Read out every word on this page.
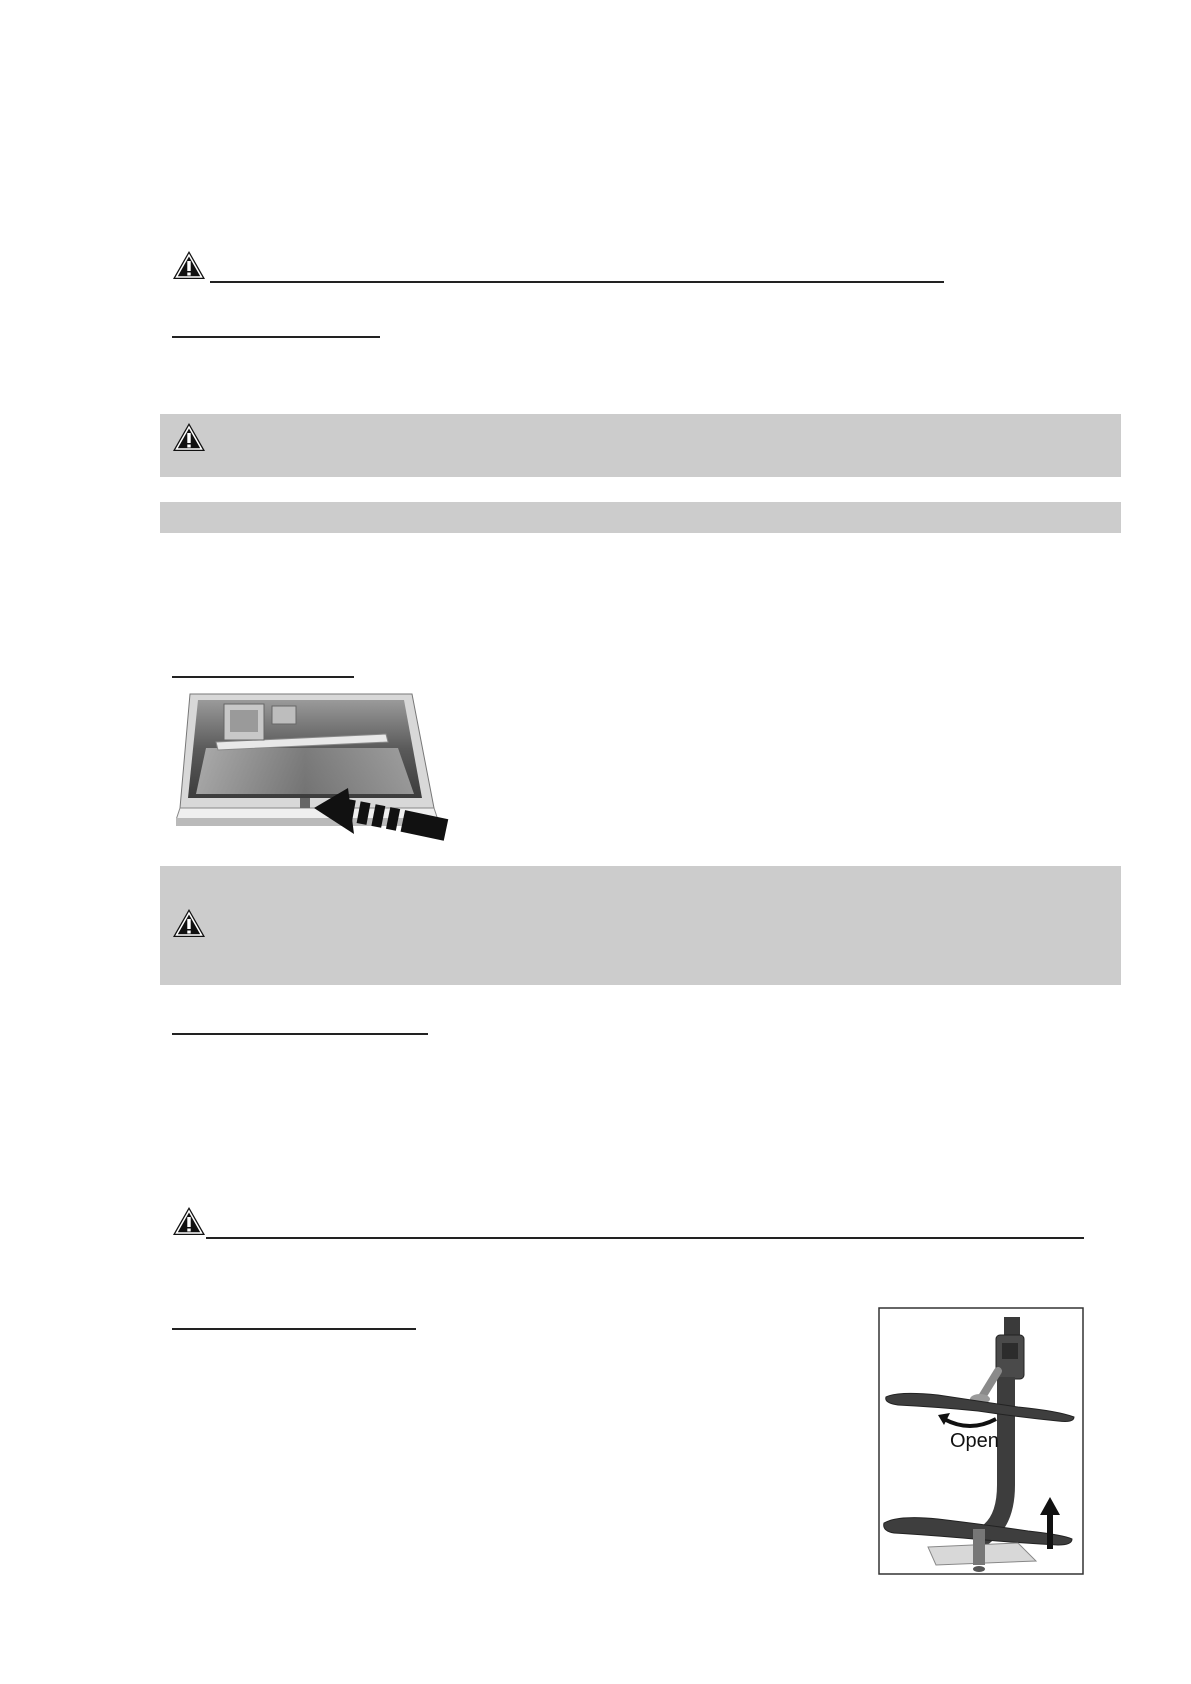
Open
